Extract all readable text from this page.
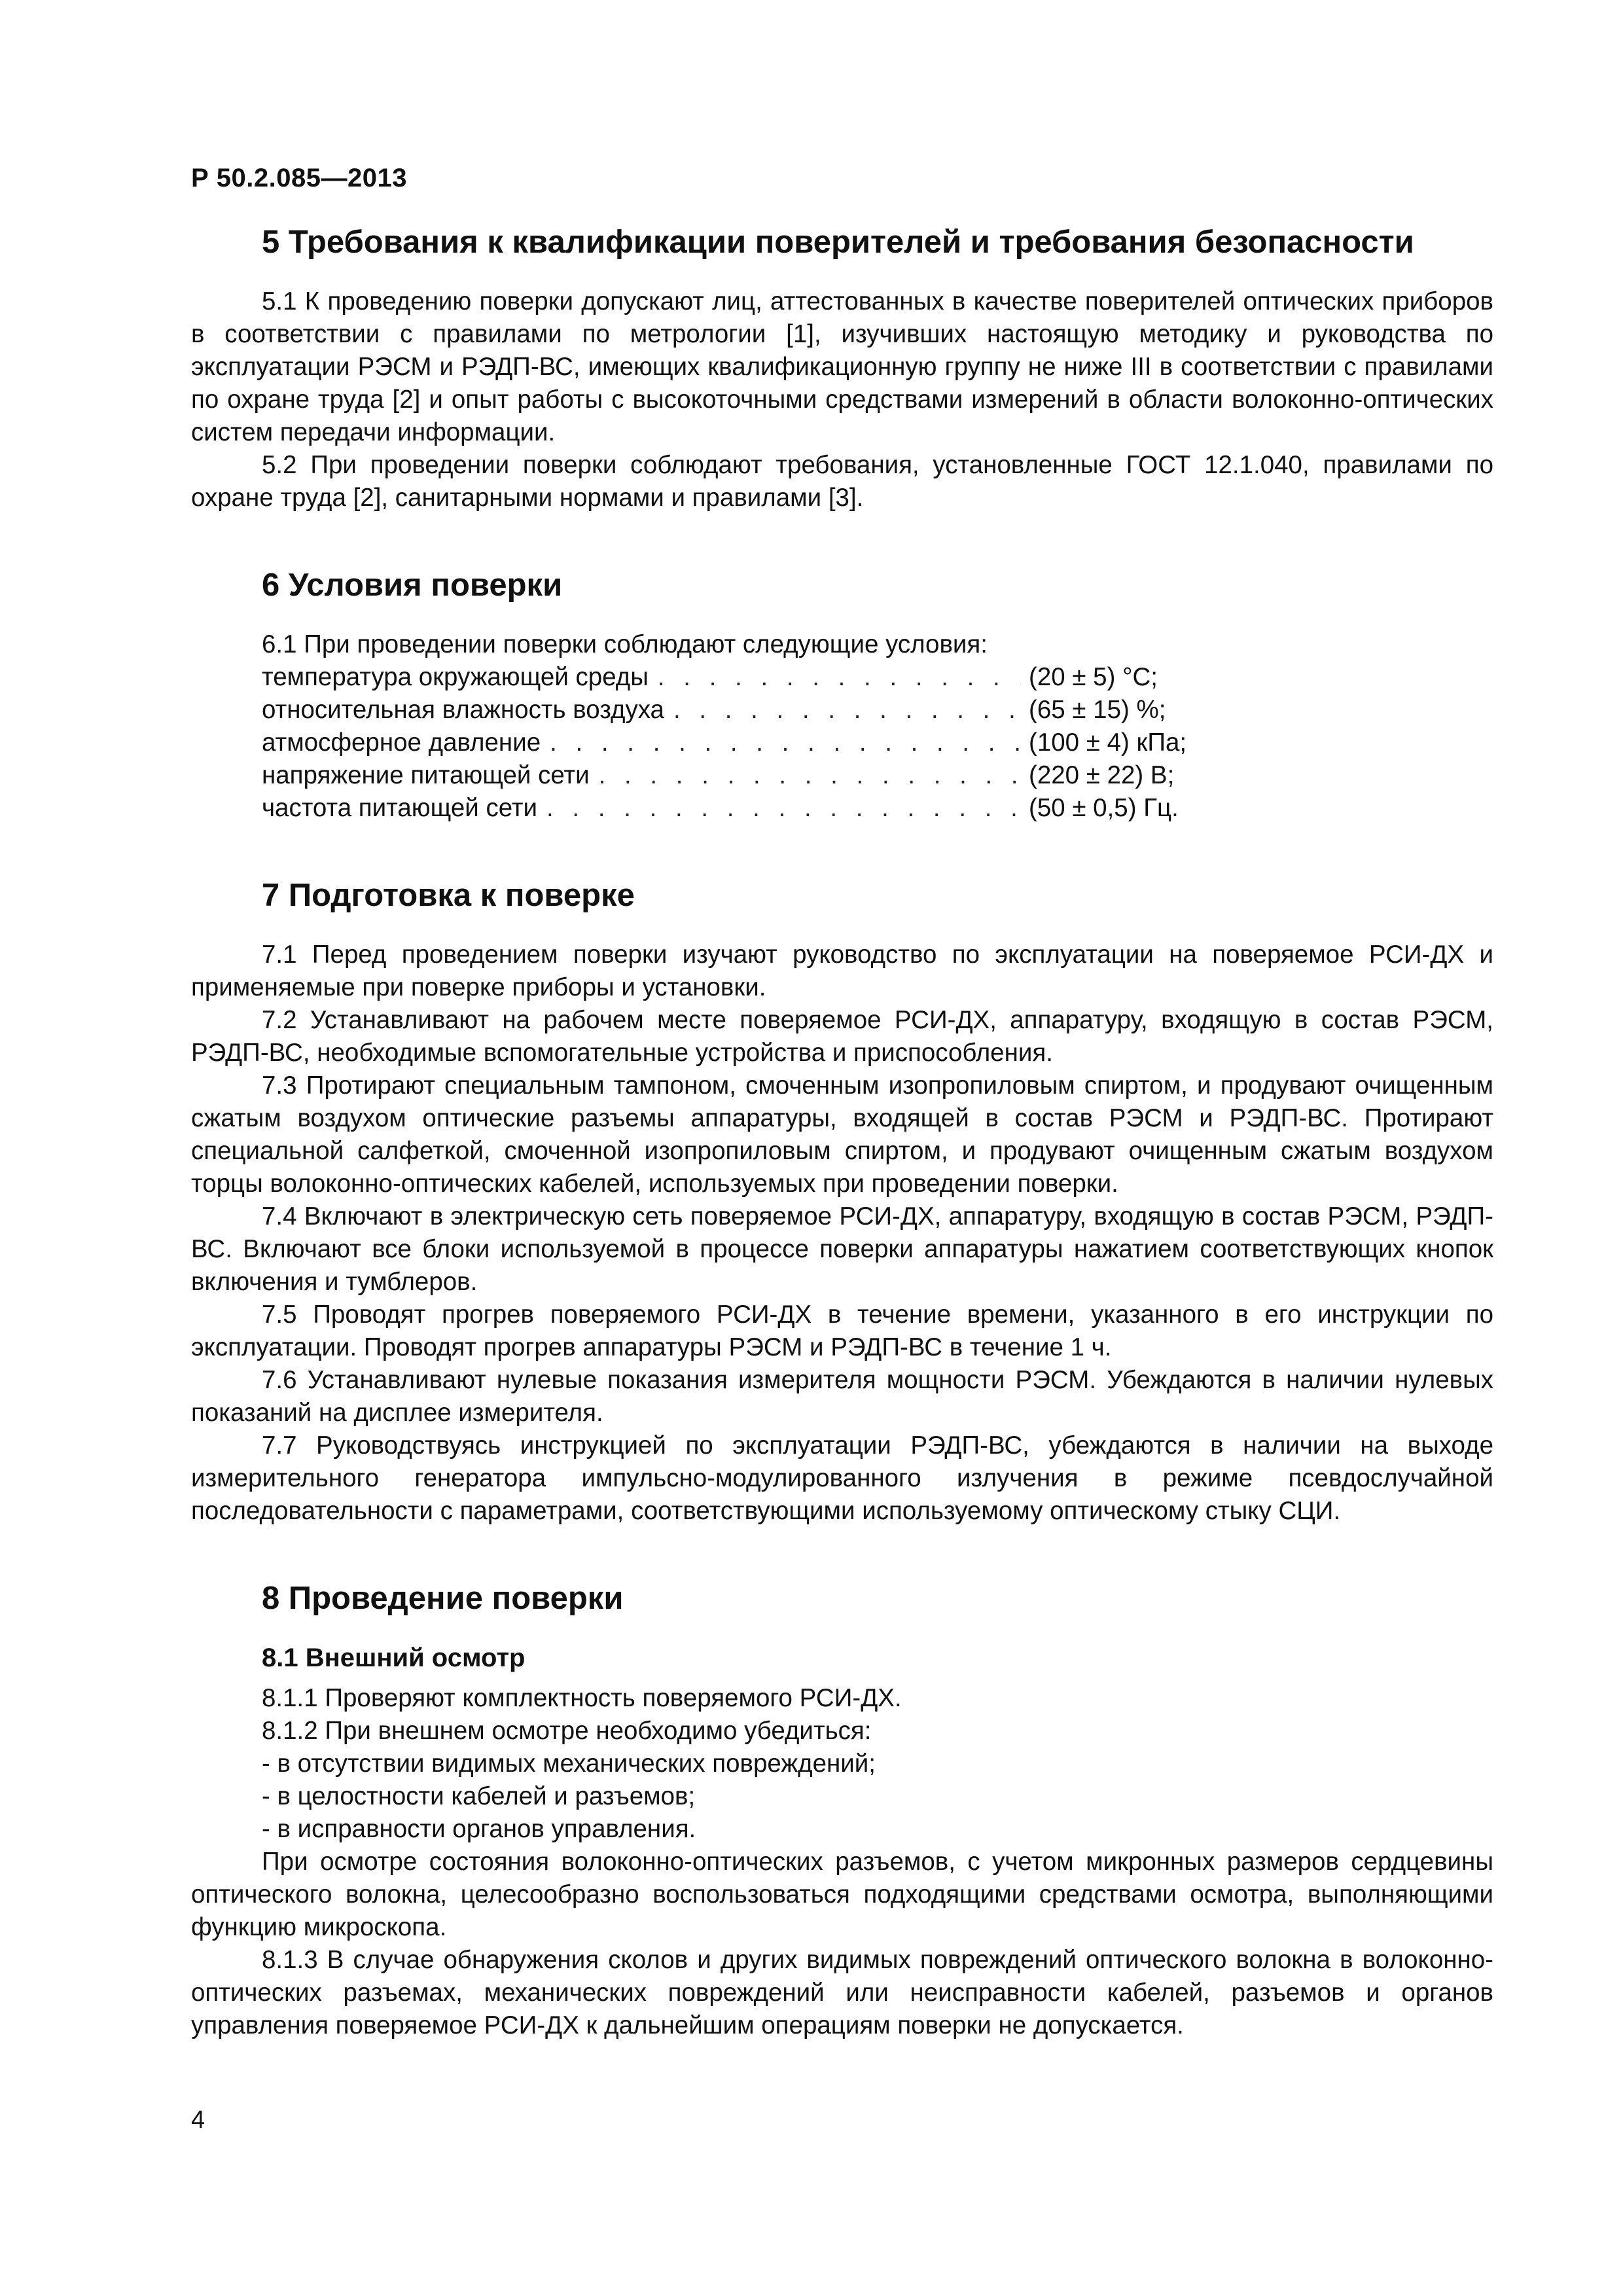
Р 50.2.085—2013
5 Требования к квалификации поверителей и требования безопасности

5.1 К проведению поверки допускают лиц, аттестованных в качестве поверителей оптических приборов в соответствии с правилами по метрологии [1], изучивших настоящую методику и руководства по эксплуатации РЭСМ и РЭДП-ВС, имеющих квалификационную группу не ниже III в соответствии с правилами по охране труда [2] и опыт работы с высокоточными средствами измерений в области волоконно-оптических систем передачи информации.

5.2 При проведении поверки соблюдают требования, установленные ГОСТ 12.1.040, правилами по охране труда [2], санитарными нормами и правилами [3].

6 Условия поверки

6.1 При проведении поверки соблюдают следующие условия:

температура окружающей среды . . .	(20 ± 5) °С;
относительная влажность воздуха . . .	(65 ± 15) %;
атмосферное давление . . .	(100 ± 4) кПа;
напряжение питающей сети . . .	(220 ± 22) В;
частота питающей сети . . .	(50 ± 0,5) Гц.
7 Подготовка к поверке

7.1 Перед проведением поверки изучают руководство по эксплуатации на поверяемое РСИ-ДХ и применяемые при поверке приборы и установки.

7.2 Устанавливают на рабочем месте поверяемое РСИ-ДХ, аппаратуру, входящую в состав РЭСМ, РЭДП-ВС, необходимые вспомогательные устройства и приспособления.

7.3 Протирают специальным тампоном, смоченным изопропиловым спиртом, и продувают очищенным сжатым воздухом оптические разъемы аппаратуры, входящей в состав РЭСМ и РЭДП-ВС. Протирают специальной салфеткой, смоченной изопропиловым спиртом, и продувают очищенным сжатым воздухом торцы волоконно-оптических кабелей, используемых при проведении поверки.

7.4 Включают в электрическую сеть поверяемое РСИ-ДХ, аппаратуру, входящую в состав РЭСМ, РЭДП-ВС. Включают все блоки используемой в процессе поверки аппаратуры нажатием соответствующих кнопок включения и тумблеров.

7.5 Проводят прогрев поверяемого РСИ-ДХ в течение времени, указанного в его инструкции по эксплуатации. Проводят прогрев аппаратуры РЭСМ и РЭДП-ВС в течение 1 ч.

7.6 Устанавливают нулевые показания измерителя мощности РЭСМ. Убеждаются в наличии нулевых показаний на дисплее измерителя.

7.7 Руководствуясь инструкцией по эксплуатации РЭДП-ВС, убеждаются в наличии на выходе измерительного генератора импульсно-модулированного излучения в режиме псевдослучайной последовательности с параметрами, соответствующими используемому оптическому стыку СЦИ.

8 Проведение поверки
8.1 Внешний осмотр

8.1.1 Проверяют комплектность поверяемого РСИ-ДХ.

8.1.2 При внешнем осмотре необходимо убедиться:

- в отсутствии видимых механических повреждений;

- в целостности кабелей и разъемов;

- в исправности органов управления.

При осмотре состояния волоконно-оптических разъемов, с учетом микронных размеров сердцевины оптического волокна, целесообразно воспользоваться подходящими средствами осмотра, выполняющими функцию микроскопа.

8.1.3 В случае обнаружения сколов и других видимых повреждений оптического волокна в волоконно-оптических разъемах, механических повреждений или неисправности кабелей, разъемов и органов управления поверяемое РСИ-ДХ к дальнейшим операциям поверки не допускается.

4
